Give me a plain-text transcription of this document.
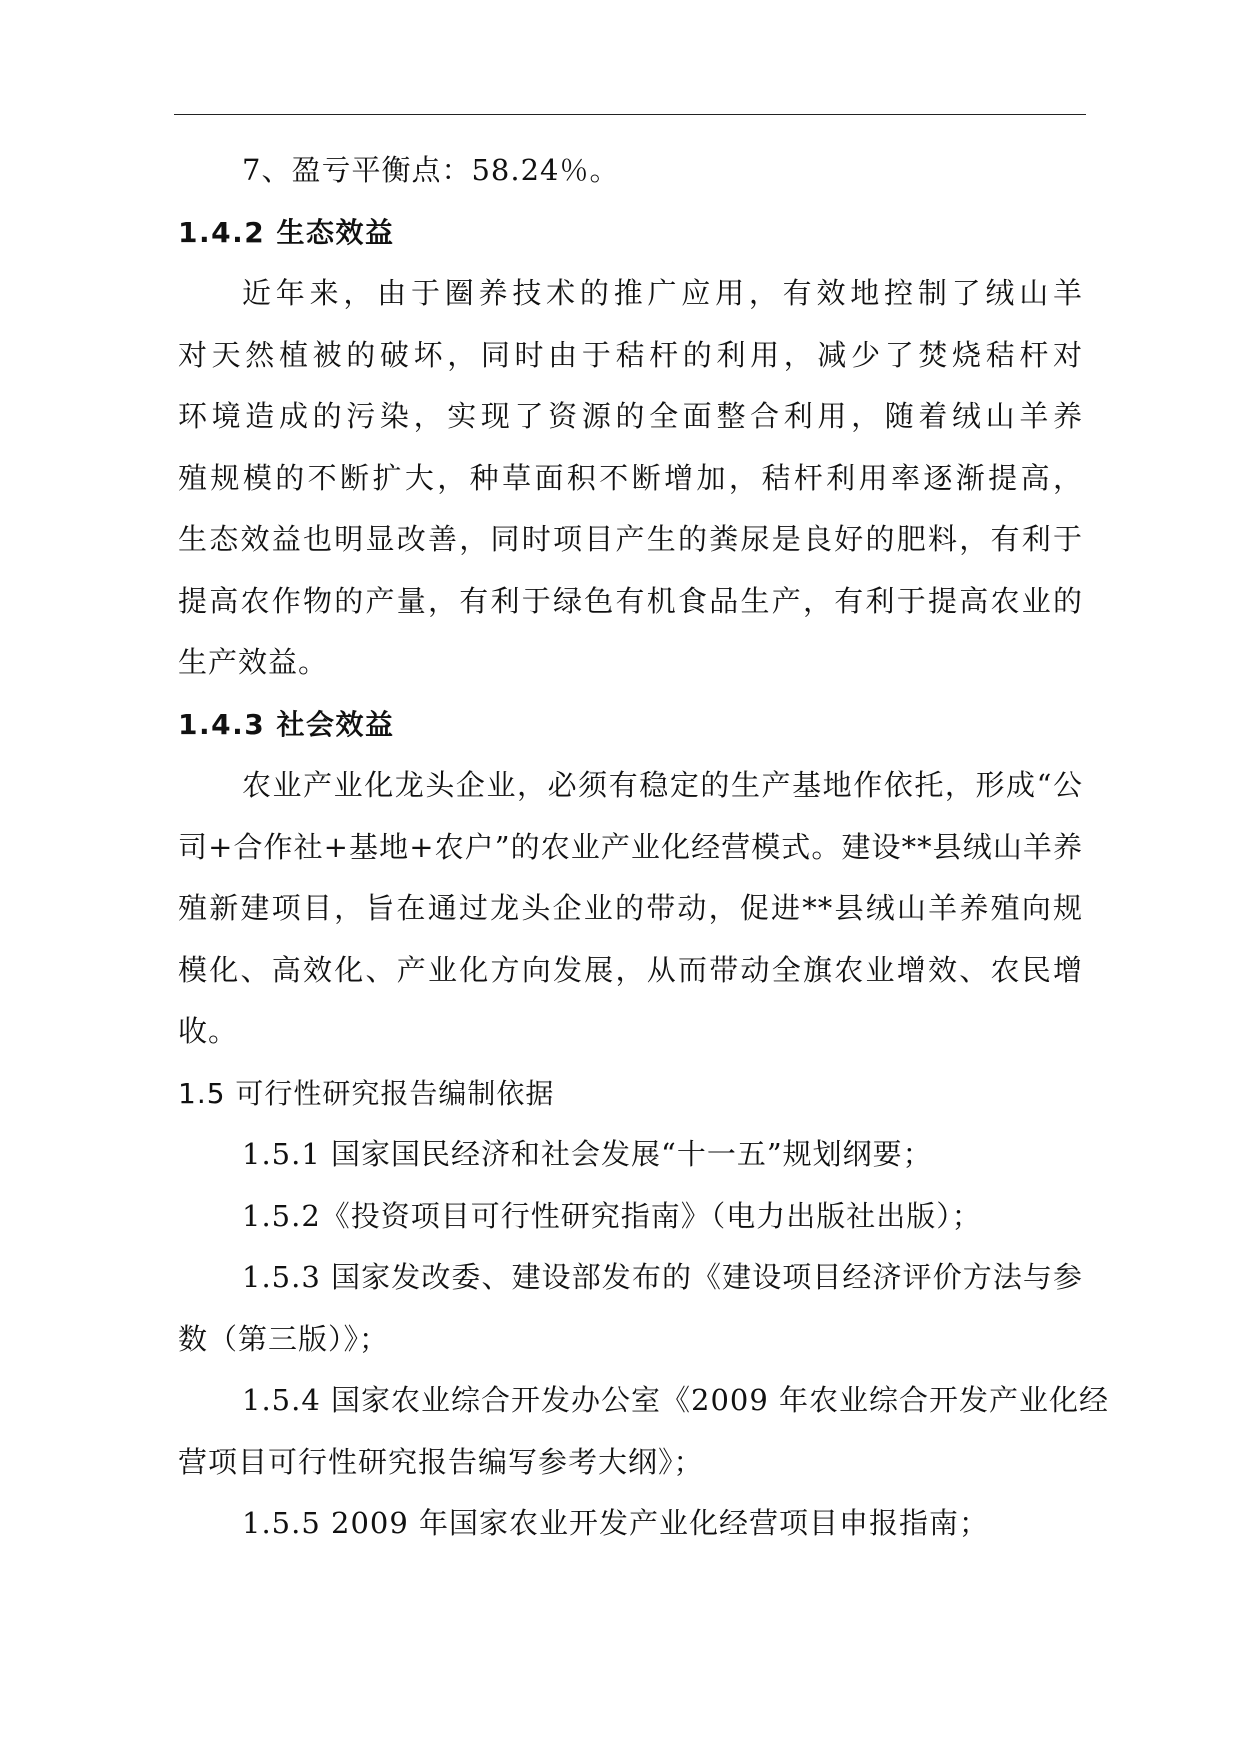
7、盈亏平衡点：58.24％。
1.4.2 生态效益
近年来，由于圈养技术的推广应用，有效地控制了绒山羊
对天然植被的破坏，同时由于秸杆的利用，减少了焚烧秸杆对
环境造成的污染，实现了资源的全面整合利用，随着绒山羊养
殖规模的不断扩大，种草面积不断增加，秸杆利用率逐渐提高，
生态效益也明显改善，同时项目产生的粪尿是良好的肥料，有利于
提高农作物的产量，有利于绿色有机食品生产，有利于提高农业的
生产效益。
1.4.3 社会效益
农业产业化龙头企业，必须有稳定的生产基地作依托，形成“公
司+合作社+基地+农户”的农业产业化经营模式。建设**县绒山羊养
殖新建项目，旨在通过龙头企业的带动，促进**县绒山羊养殖向规
模化、高效化、产业化方向发展，从而带动全旗农业增效、农民增
收。
1.5 可行性研究报告编制依据
1.5.1 国家国民经济和社会发展“十一五”规划纲要；
1.5.2《投资项目可行性研究指南》（电力出版社出版）；
1.5.3 国家发改委、建设部发布的《建设项目经济评价方法与参
数（第三版）》；
1.5.4 国家农业综合开发办公室《2009 年农业综合开发产业化经
营项目可行性研究报告编写参考大纲》；
1.5.5 2009 年国家农业开发产业化经营项目申报指南；
